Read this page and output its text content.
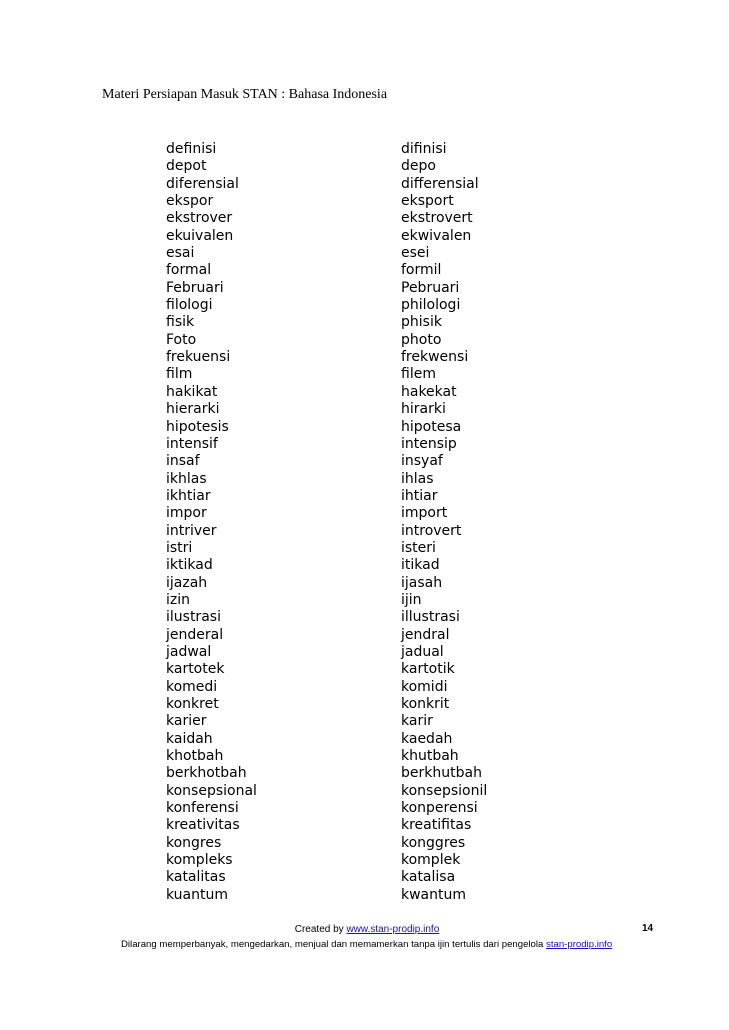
Materi Persiapan Masuk STAN : Bahasa Indonesia
definisi	difinisi
depot	depo
diferensial	differensial
ekspor	eksport
ekstrover	ekstrovert
ekuivalen	ekwivalen
esai	esei
formal	formil
Februari	Pebruari
filologi	philologi
fisik	phisik
Foto	photo
frekuensi	frekwensi
film	filem
hakikat	hakekat
hierarki	hirarki
hipotesis	hipotesa
intensif	intensip
insaf	insyaf
ikhlas	ihlas
ikhtiar	ihtiar
impor	import
intriver	introvert
istri	isteri
iktikad	itikad
ijazah	ijasah
izin	ijin
ilustrasi	illustrasi
jenderal	jendral
jadwal	jadual
kartotek	kartotik
komedi	komidi
konkret	konkrit
karier	karir
kaidah	kaedah
khotbah	khutbah
berkhotbah	berkhutbah
konsepsional	konsepsionil
konferensi	konperensi
kreativitas	kreatifitas
kongres	konggres
kompleks	komplek
katalitas	katalisa
kuantum	kwantum
Created by www.stan-prodip.info	14
Dilarang memperbanyak, mengedarkan, menjual dan memamerkan tanpa ijin tertulis dari pengelola stan-prodip.info
